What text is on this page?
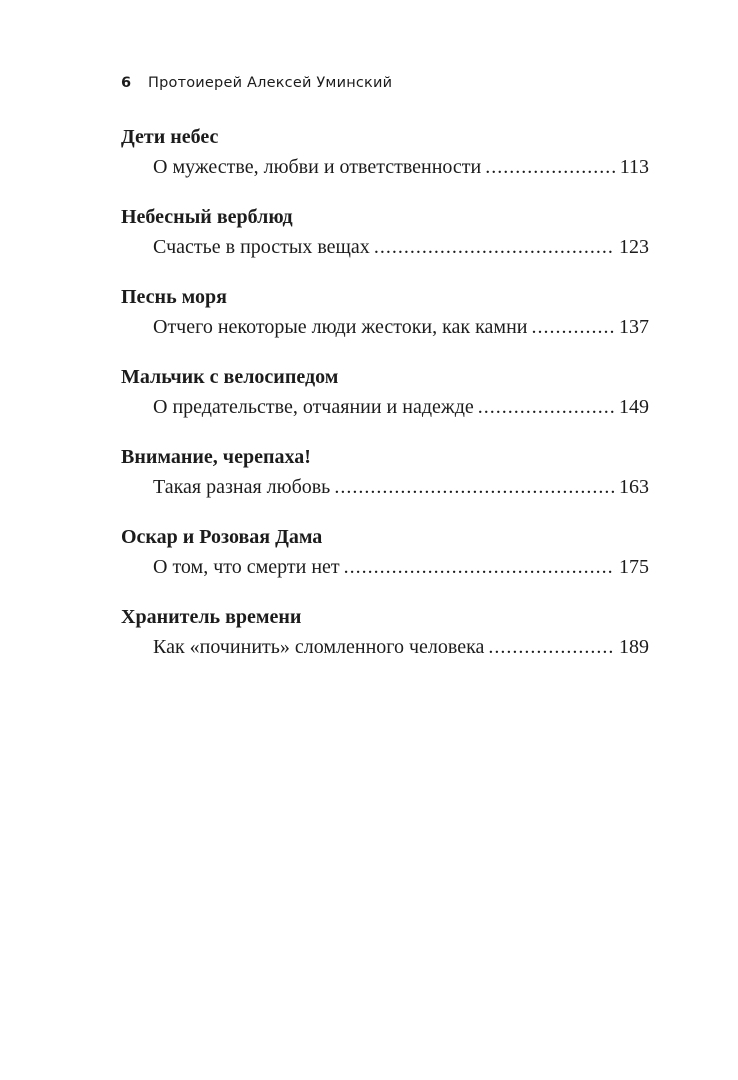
6 Протоиерей Алексей Уминский
Дети небес
О мужестве, любви и ответственности .....	113
Небесный верблюд
Счастье в простых вещах .....	123
Песнь моря
Отчего некоторые люди жестоки, как камни .....	137
Мальчик с велосипедом
О предательстве, отчаянии и надежде .....	149
Внимание, черепаха!
Такая разная любовь .....	163
Оскар и Розовая Дама
О том, что смерти нет .....	175
Хранитель времени
Как «починить» сломленного человека .....	189
